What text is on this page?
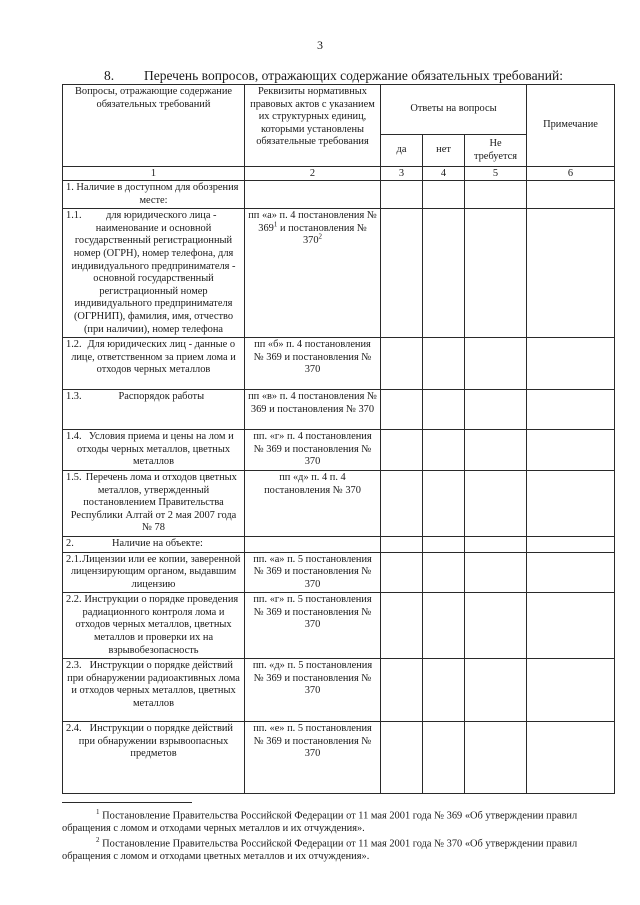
3
8. Перечень вопросов, отражающих содержание обязательных требований:
Вопросы, отражающие содержание обязательных требований	Реквизиты нормативных правовых актов с указанием их структурных единиц, которыми установлены обязательные требования	Ответы на вопросы			Примечание
		да	нет	Не требуется	
1	2	3	4	5	6

1. Наличие в доступном для обозрения месте:					

1.1. для юридического лица - наименование и основной государственный регистрационный номер (ОГРН), номер телефона, для индивидуального предпринимателя - основной государственный регистрационный номер индивидуального предпринимателя (ОГРНИП), фамилия, имя, отчество (при наличии), номер телефона	пп «а» п. 4 постановления № $369^1$ и постановления № $370^2$				

1.2. Для юридических лиц - данные о лице, ответственном за прием лома и отходов черных металлов	пп «б» п. 4 постановления № 369 и постановления № 370				

1.3. Распорядок работы	пп «в» п. 4 постановления № 369 и постановления № 370				

1.4. Условия приема и цены на лом и отходы черных металлов, цветных металлов	пп. «г» п. 4 постановления № 369 и постановления № 370				

1.5. Перечень лома и отходов цветных металлов, утвержденный постановлением Правительства Республики Алтай от 2 мая 2007 года № 78	пп «д» п. 4 п. 4 постановления № 370				

2. Наличие на объекте:					

2.1. Лицензии или ее копии, заверенной лицензирующим органом, выдавшим лицензию	пп. «а» п. 5 постановления № 369 и постановления № 370				

2.2. Инструкции о порядке проведения радиационного контроля лома и отходов черных металлов, цветных металлов и проверки их на взрывобезопасность	пп. «г» п. 5 постановления № 369 и постановления № 370				

2.3. Инструкции о порядке действий при обнаружении радиоактивных лома и отходов черных металлов, цветных металлов	пп. «д» п. 5 постановления № 369 и постановления № 370				

2.4. Инструкции о порядке действий при обнаружении взрывоопасных предметов	пп. «е» п. 5 постановления № 369 и постановления № 370				
$^1$ Постановление Правительства Российской Федерации от 11 мая 2001 года № 369 «Об утверждении правил обращения с ломом и отходами черных металлов и их отчуждения».
$^2$ Постановление Правительства Российской Федерации от 11 мая 2001 года № 370 «Об утверждении правил обращения с ломом и отходами цветных металлов и их отчуждения».
